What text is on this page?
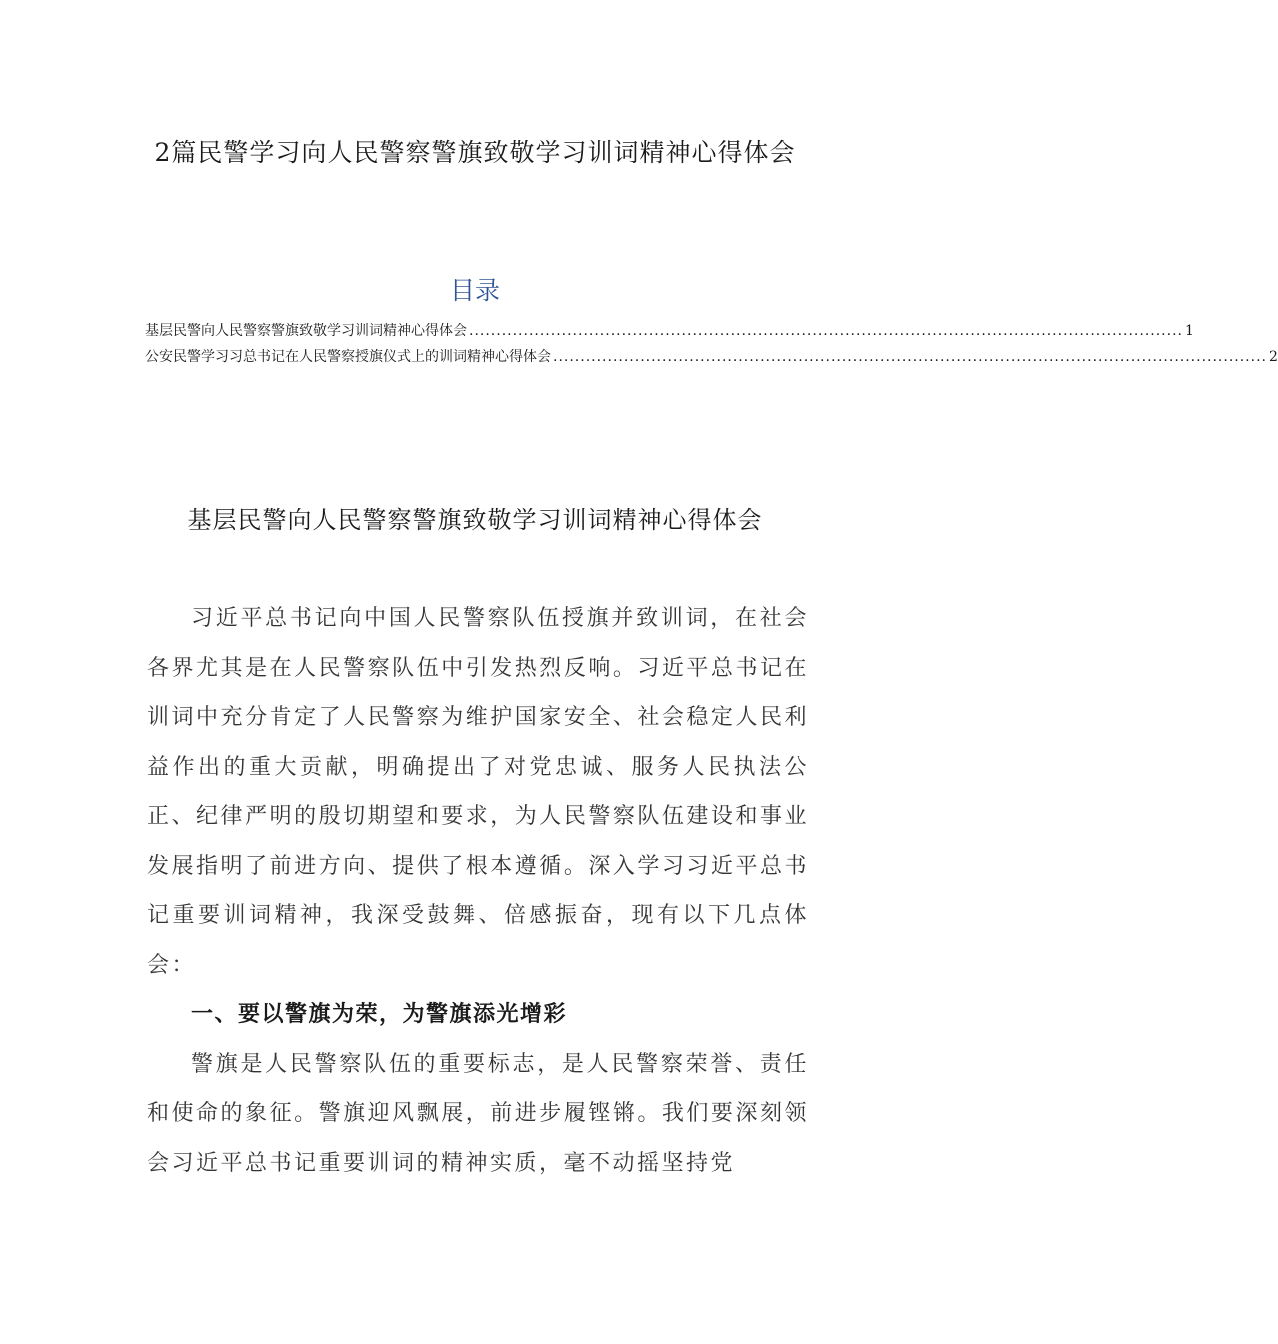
2篇民警学习向人民警察警旗致敬学习训词精神心得体会
目录
基层民警向人民警察警旗致敬学习训词精神心得体会 ................................................................................................................................... 1
公安民警学习习总书记在人民警察授旗仪式上的训词精神心得体会 ................................................................................................................................... 2
基层民警向人民警察警旗致敬学习训词精神心得体会

习近平总书记向中国人民警察队伍授旗并致训词，在社会各界尤其是在人民警察队伍中引发热烈反响。习近平总书记在训词中充分肯定了人民警察为维护国家安全、社会稳定人民利益作出的重大贡献，明确提出了对党忠诚、服务人民执法公正、纪律严明的殷切期望和要求，为人民警察队伍建设和事业发展指明了前进方向、提供了根本遵循。深入学习习近平总书记重要训词精神，我深受鼓舞、倍感振奋，现有以下几点体会：

一、要以警旗为荣，为警旗添光增彩

警旗是人民警察队伍的重要标志，是人民警察荣誉、责任和使命的象征。警旗迎风飘展，前进步履铿锵。我们要深刻领会习近平总书记重要训词的精神实质，毫不动摇坚持党
